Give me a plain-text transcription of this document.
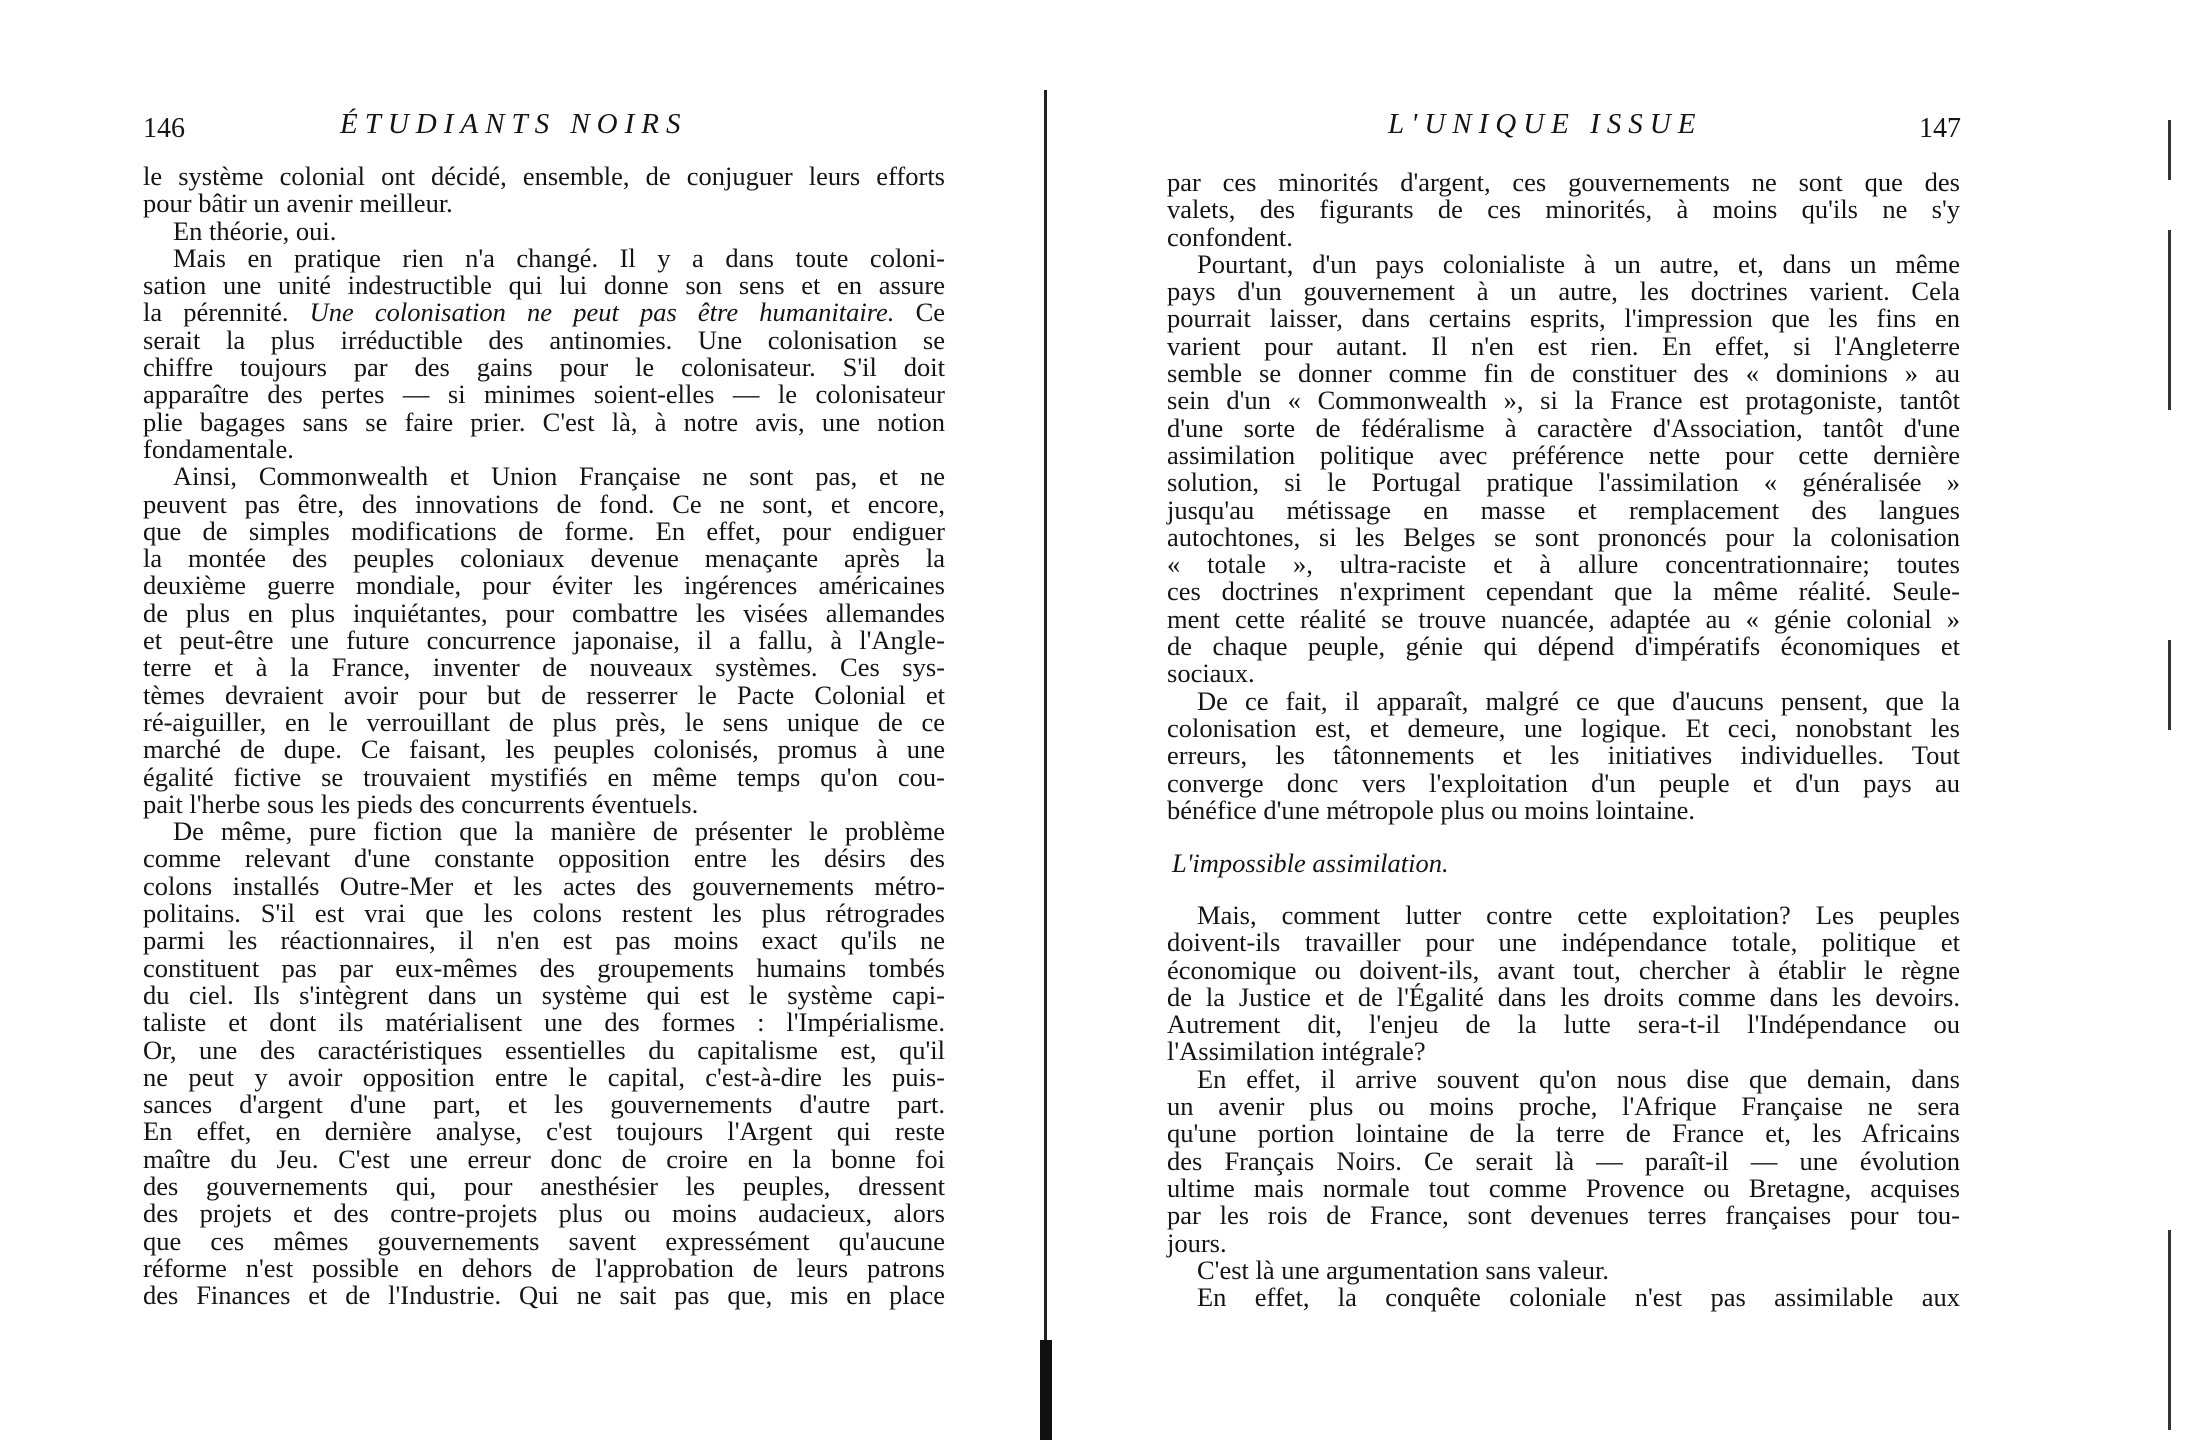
146	ÉTUDIANTS NOIRS
le système colonial ont décidé, ensemble, de conjuguer leurs efforts
pour bâtir un avenir meilleur.
En théorie, oui.
Mais en pratique rien n'a changé. Il y a dans toute coloni-
sation une unité indestructible qui lui donne son sens et en assure
la pérennité. Une colonisation ne peut pas être humanitaire. Ce
serait la plus irréductible des antinomies. Une colonisation se
chiffre toujours par des gains pour le colonisateur. S'il doit
apparaître des pertes — si minimes soient-elles — le colonisateur
plie bagages sans se faire prier. C'est là, à notre avis, une notion
fondamentale.
Ainsi, Commonwealth et Union Française ne sont pas, et ne
peuvent pas être, des innovations de fond. Ce ne sont, et encore,
que de simples modifications de forme. En effet, pour endiguer
la montée des peuples coloniaux devenue menaçante après la
deuxième guerre mondiale, pour éviter les ingérences américaines
de plus en plus inquiétantes, pour combattre les visées allemandes
et peut-être une future concurrence japonaise, il a fallu, à l'Angle-
terre et à la France, inventer de nouveaux systèmes. Ces sys-
tèmes devraient avoir pour but de resserrer le Pacte Colonial et
ré-aiguiller, en le verrouillant de plus près, le sens unique de ce
marché de dupe. Ce faisant, les peuples colonisés, promus à une
égalité fictive se trouvaient mystifiés en même temps qu'on cou-
pait l'herbe sous les pieds des concurrents éventuels.
De même, pure fiction que la manière de présenter le problème
comme relevant d'une constante opposition entre les désirs des
colons installés Outre-Mer et les actes des gouvernements métro-
politains. S'il est vrai que les colons restent les plus rétrogrades
parmi les réactionnaires, il n'en est pas moins exact qu'ils ne
constituent pas par eux-mêmes des groupements humains tombés
du ciel. Ils s'intègrent dans un système qui est le système capi-
taliste et dont ils matérialisent une des formes : l'Impérialisme.
Or, une des caractéristiques essentielles du capitalisme est, qu'il
ne peut y avoir opposition entre le capital, c'est-à-dire les puis-
sances d'argent d'une part, et les gouvernements d'autre part.
En effet, en dernière analyse, c'est toujours l'Argent qui reste
maître du Jeu. C'est une erreur donc de croire en la bonne foi
des gouvernements qui, pour anesthésier les peuples, dressent
des projets et des contre-projets plus ou moins audacieux, alors
que ces mêmes gouvernements savent expressément qu'aucune
réforme n'est possible en dehors de l'approbation de leurs patrons
des Finances et de l'Industrie. Qui ne sait pas que, mis en place
147
L'UNIQUE ISSUE
par ces minorités d'argent, ces gouvernements ne sont que des
valets, des figurants de ces minorités, à moins qu'ils ne s'y
confondent.
Pourtant, d'un pays colonialiste à un autre, et, dans un même
pays d'un gouvernement à un autre, les doctrines varient. Cela
pourrait laisser, dans certains esprits, l'impression que les fins en
varient pour autant. Il n'en est rien. En effet, si l'Angleterre
semble se donner comme fin de constituer des « dominions » au
sein d'un « Commonwealth », si la France est protagoniste, tantôt
d'une sorte de fédéralisme à caractère d'Association, tantôt d'une
assimilation politique avec préférence nette pour cette dernière
solution, si le Portugal pratique l'assimilation « généralisée »
jusqu'au métissage en masse et remplacement des langues
autochtones, si les Belges se sont prononcés pour la colonisation
« totale », ultra-raciste et à allure concentrationnaire; toutes
ces doctrines n'expriment cependant que la même réalité. Seule-
ment cette réalité se trouve nuancée, adaptée au « génie colonial »
de chaque peuple, génie qui dépend d'impératifs économiques et
sociaux.
De ce fait, il apparaît, malgré ce que d'aucuns pensent, que la
colonisation est, et demeure, une logique. Et ceci, nonobstant les
erreurs, les tâtonnements et les initiatives individuelles. Tout
converge donc vers l'exploitation d'un peuple et d'un pays au
bénéfice d'une métropole plus ou moins lointaine.
L'impossible assimilation.
Mais, comment lutter contre cette exploitation? Les peuples
doivent-ils travailler pour une indépendance totale, politique et
économique ou doivent-ils, avant tout, chercher à établir le règne
de la Justice et de l'Égalité dans les droits comme dans les devoirs.
Autrement dit, l'enjeu de la lutte sera-t-il l'Indépendance ou
l'Assimilation intégrale?
En effet, il arrive souvent qu'on nous dise que demain, dans
un avenir plus ou moins proche, l'Afrique Française ne sera
qu'une portion lointaine de la terre de France et, les Africains
des Français Noirs. Ce serait là — paraît-il — une évolution
ultime mais normale tout comme Provence ou Bretagne, acquises
par les rois de France, sont devenues terres françaises pour tou-
jours.
C'est là une argumentation sans valeur.
En effet, la conquête coloniale n'est pas assimilable aux
